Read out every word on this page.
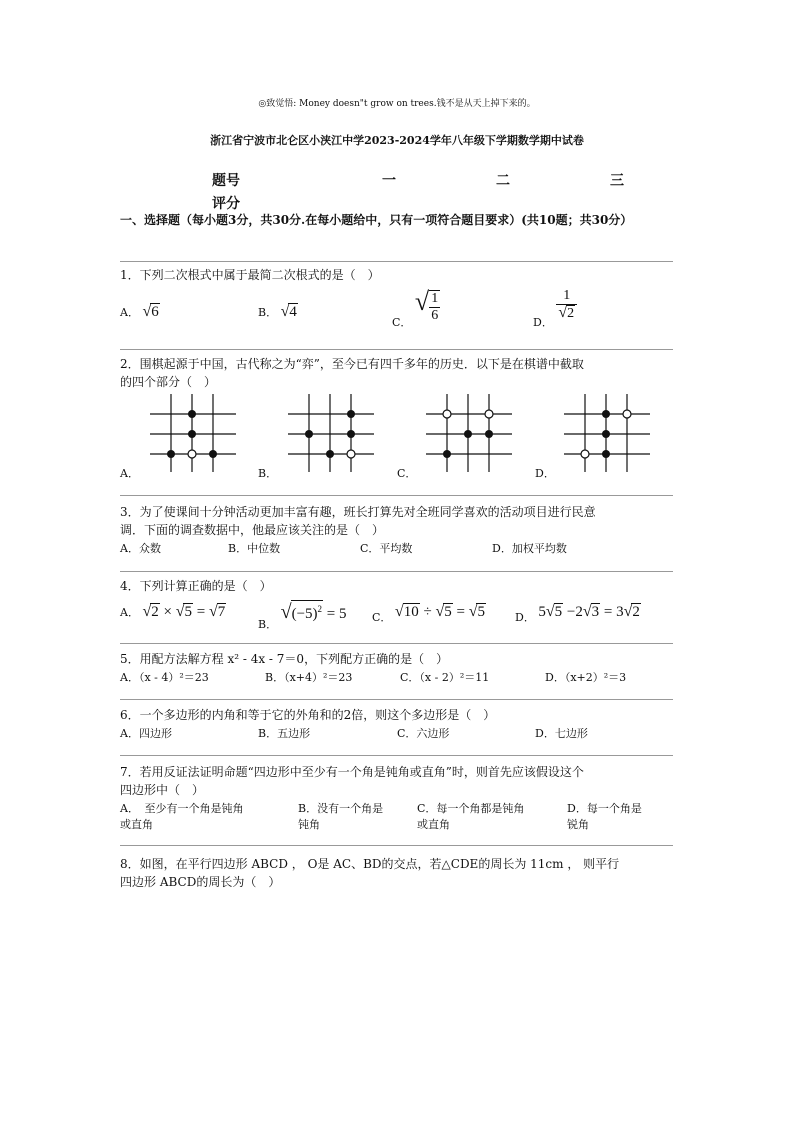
◎致觉悟: Money doesn"t grow on trees.钱不是从天上掉下来的。
浙江省宁波市北仑区小浃江中学2023-2024学年八年级下学期数学期中试卷
题号	一	二	三
评分
一、选择题（每小题3分，共30分.在每小题给中，只有一项符合题目要求）(共10题；共30分）
1．下列二次根式中属于最简二次根式的是（　）
A． √6	B． √4
C． √ $\frac{1}{6}$	D．
$\frac{1}{√2}$
2．围棋起源于中国，古代称之为“弈”，至今已有四千多年的历史．以下是在棋谱中截取
的四个部分（　）
A．	B．	C．	D．
3．为了使课间十分钟活动更加丰富有趣，班长打算先对全班同学喜欢的活动项目进行民意
调．下面的调查数据中，他最应该关注的是（　）
A．众数	B．中位数	C．平均数	D．加权平均数
4．下列计算正确的是（　）
A． √2 × √5 = √7
B． $√(-5)^2 = 5$ C． √10 ÷ √5 = √5	D． 5√5 −2√3 = 3√2
5．用配方法解方程 x² - 4x - 7＝0，下列配方正确的是（　）
A．（x - 4）²＝23	B．（x+4）²＝23	C．（x - 2）²＝11	D．（x+2）²＝3
6．一个多边形的内角和等于它的外角和的2倍，则这个多边形是（　）
A．四边形	B．五边形	C．六边形	D．七边形
7．若用反证法证明命题“四边形中至少有一个角是钝角或直角”时，则首先应该假设这个
四边形中（　）
A．　至少有一个角是钝角
或直角
B．没有一个角是
钝角
C．每一个角都是钝角
或直角
D．每一个角是
锐角
8．如图，在平行四边形 ABCD ， O是 AC、BD的交点，若△CDE的周长为 11cm ， 则平行
四边形 ABCD的周长为（　）
